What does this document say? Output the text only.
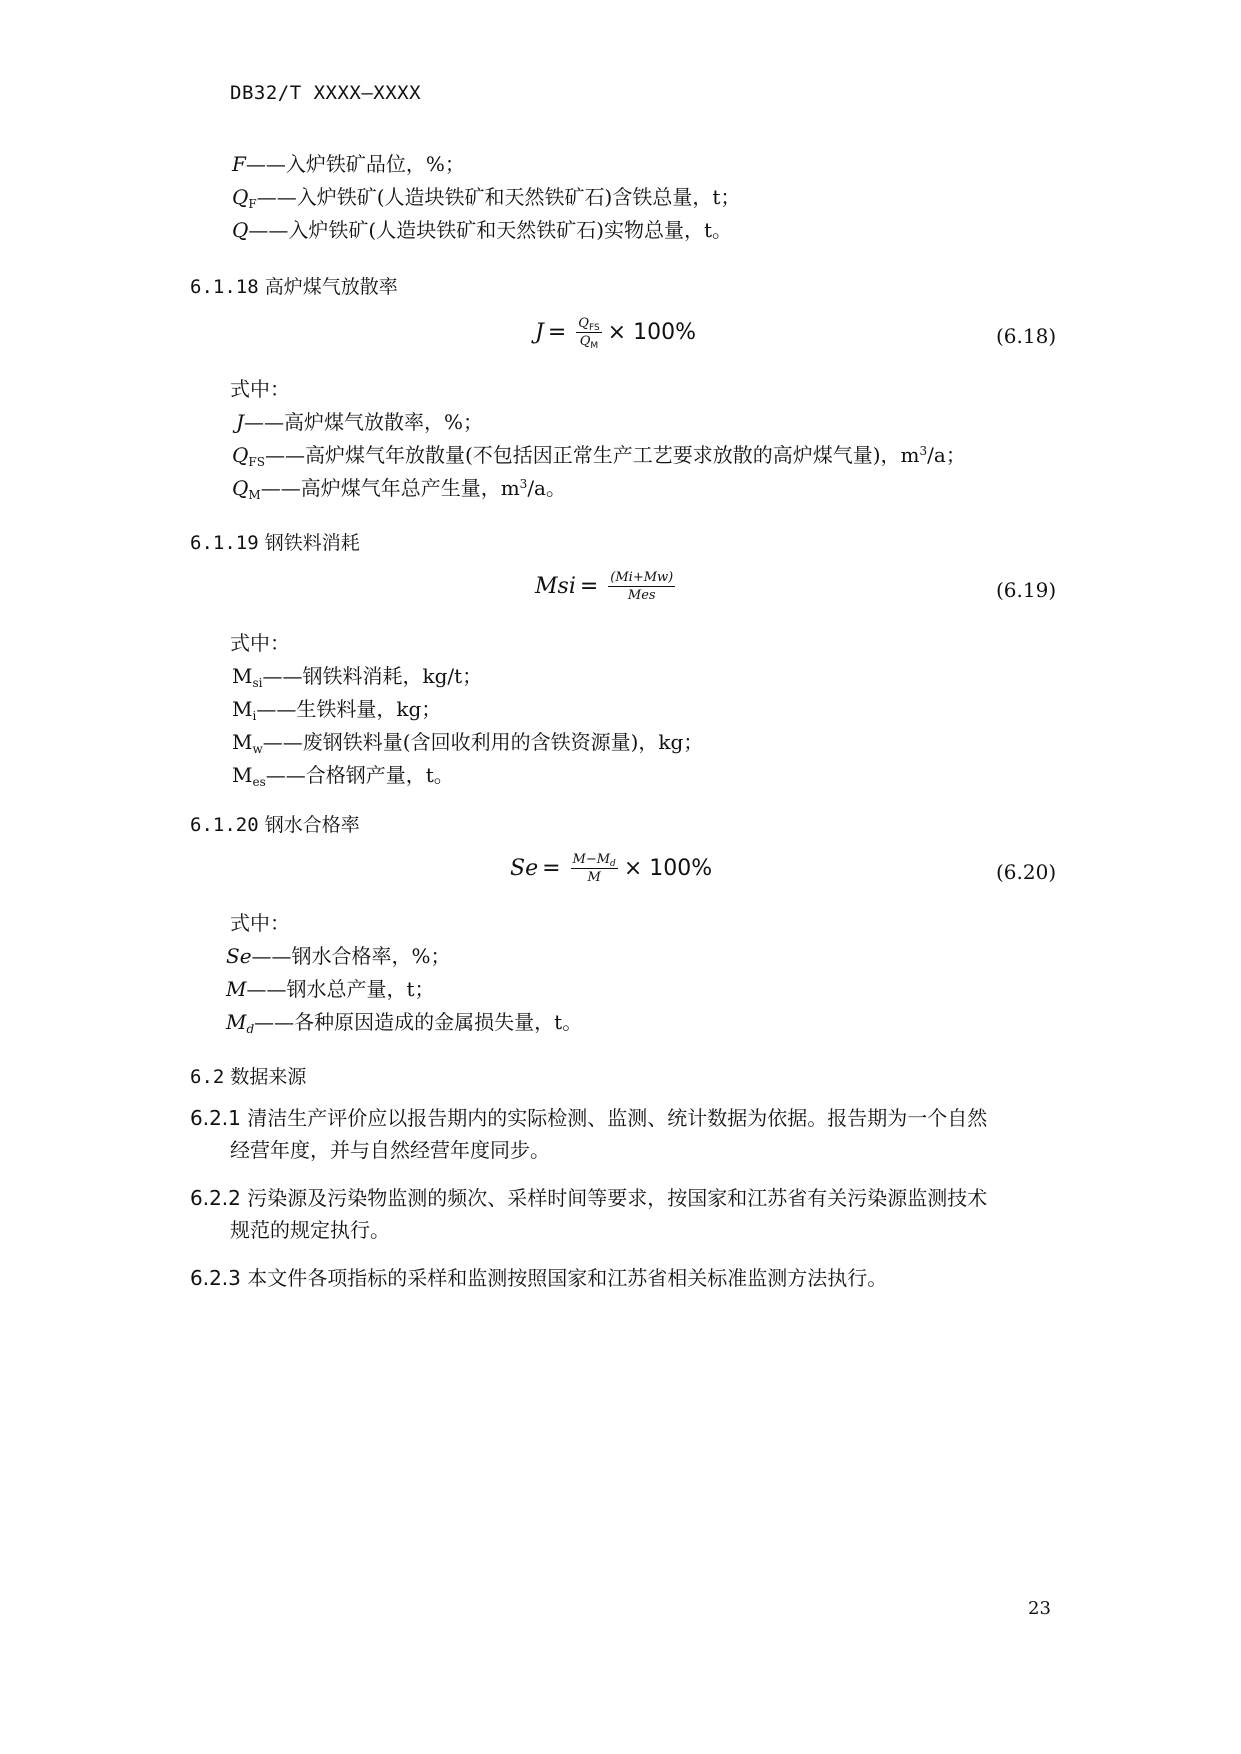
DB32/T XXXX—XXXX
F——入炉铁矿品位，%；
$Q_F——$入炉铁矿(人造块铁矿和天然铁矿石)含铁总量，t；
Q——入炉铁矿(人造块铁矿和天然铁矿石)实物总量，t。
6.1.18 高炉煤气放散率
$J = \frac{Q_{FS}}{Q_M} \times 100\%$	(6.18)
式中：
J——高炉煤气放散率，%；
$Q_{FS}——$高炉煤气年放散量(不包括因正常生产工艺要求放散的高炉煤气量)，$m^3/a$；
$Q_M——$高炉煤气年总产生量，$m^3/a$。
6.1.19 钢铁料消耗
Msi = $\frac{(Mi+Mw)}{\text{Mes}}$	(6.19)
式中：
$M_{si}——$钢铁料消耗，kg/t；
$M_i——$生铁料量，kg；
$M_w——$废钢铁料量(含回收利用的含铁资源量)，kg；
$M_{es}——$合格钢产量，t。
6.1.20 钢水合格率
$Se = \frac{M-M_d}{M} \times 100\%$	(6.20)
式中：
Se——钢水合格率，%；
M——钢水总产量，t；
$M_d——$各种原因造成的金属损失量，t。
6.2 数据来源
6.2.1 清洁生产评价应以报告期内的实际检测、监测、统计数据为依据。报告期为一个自然
经营年度，并与自然经营年度同步。
6.2.2 污染源及污染物监测的频次、采样时间等要求，按国家和江苏省有关污染源监测技术
规范的规定执行。
6.2.3 本文件各项指标的采样和监测按照国家和江苏省相关标准监测方法执行。
23
